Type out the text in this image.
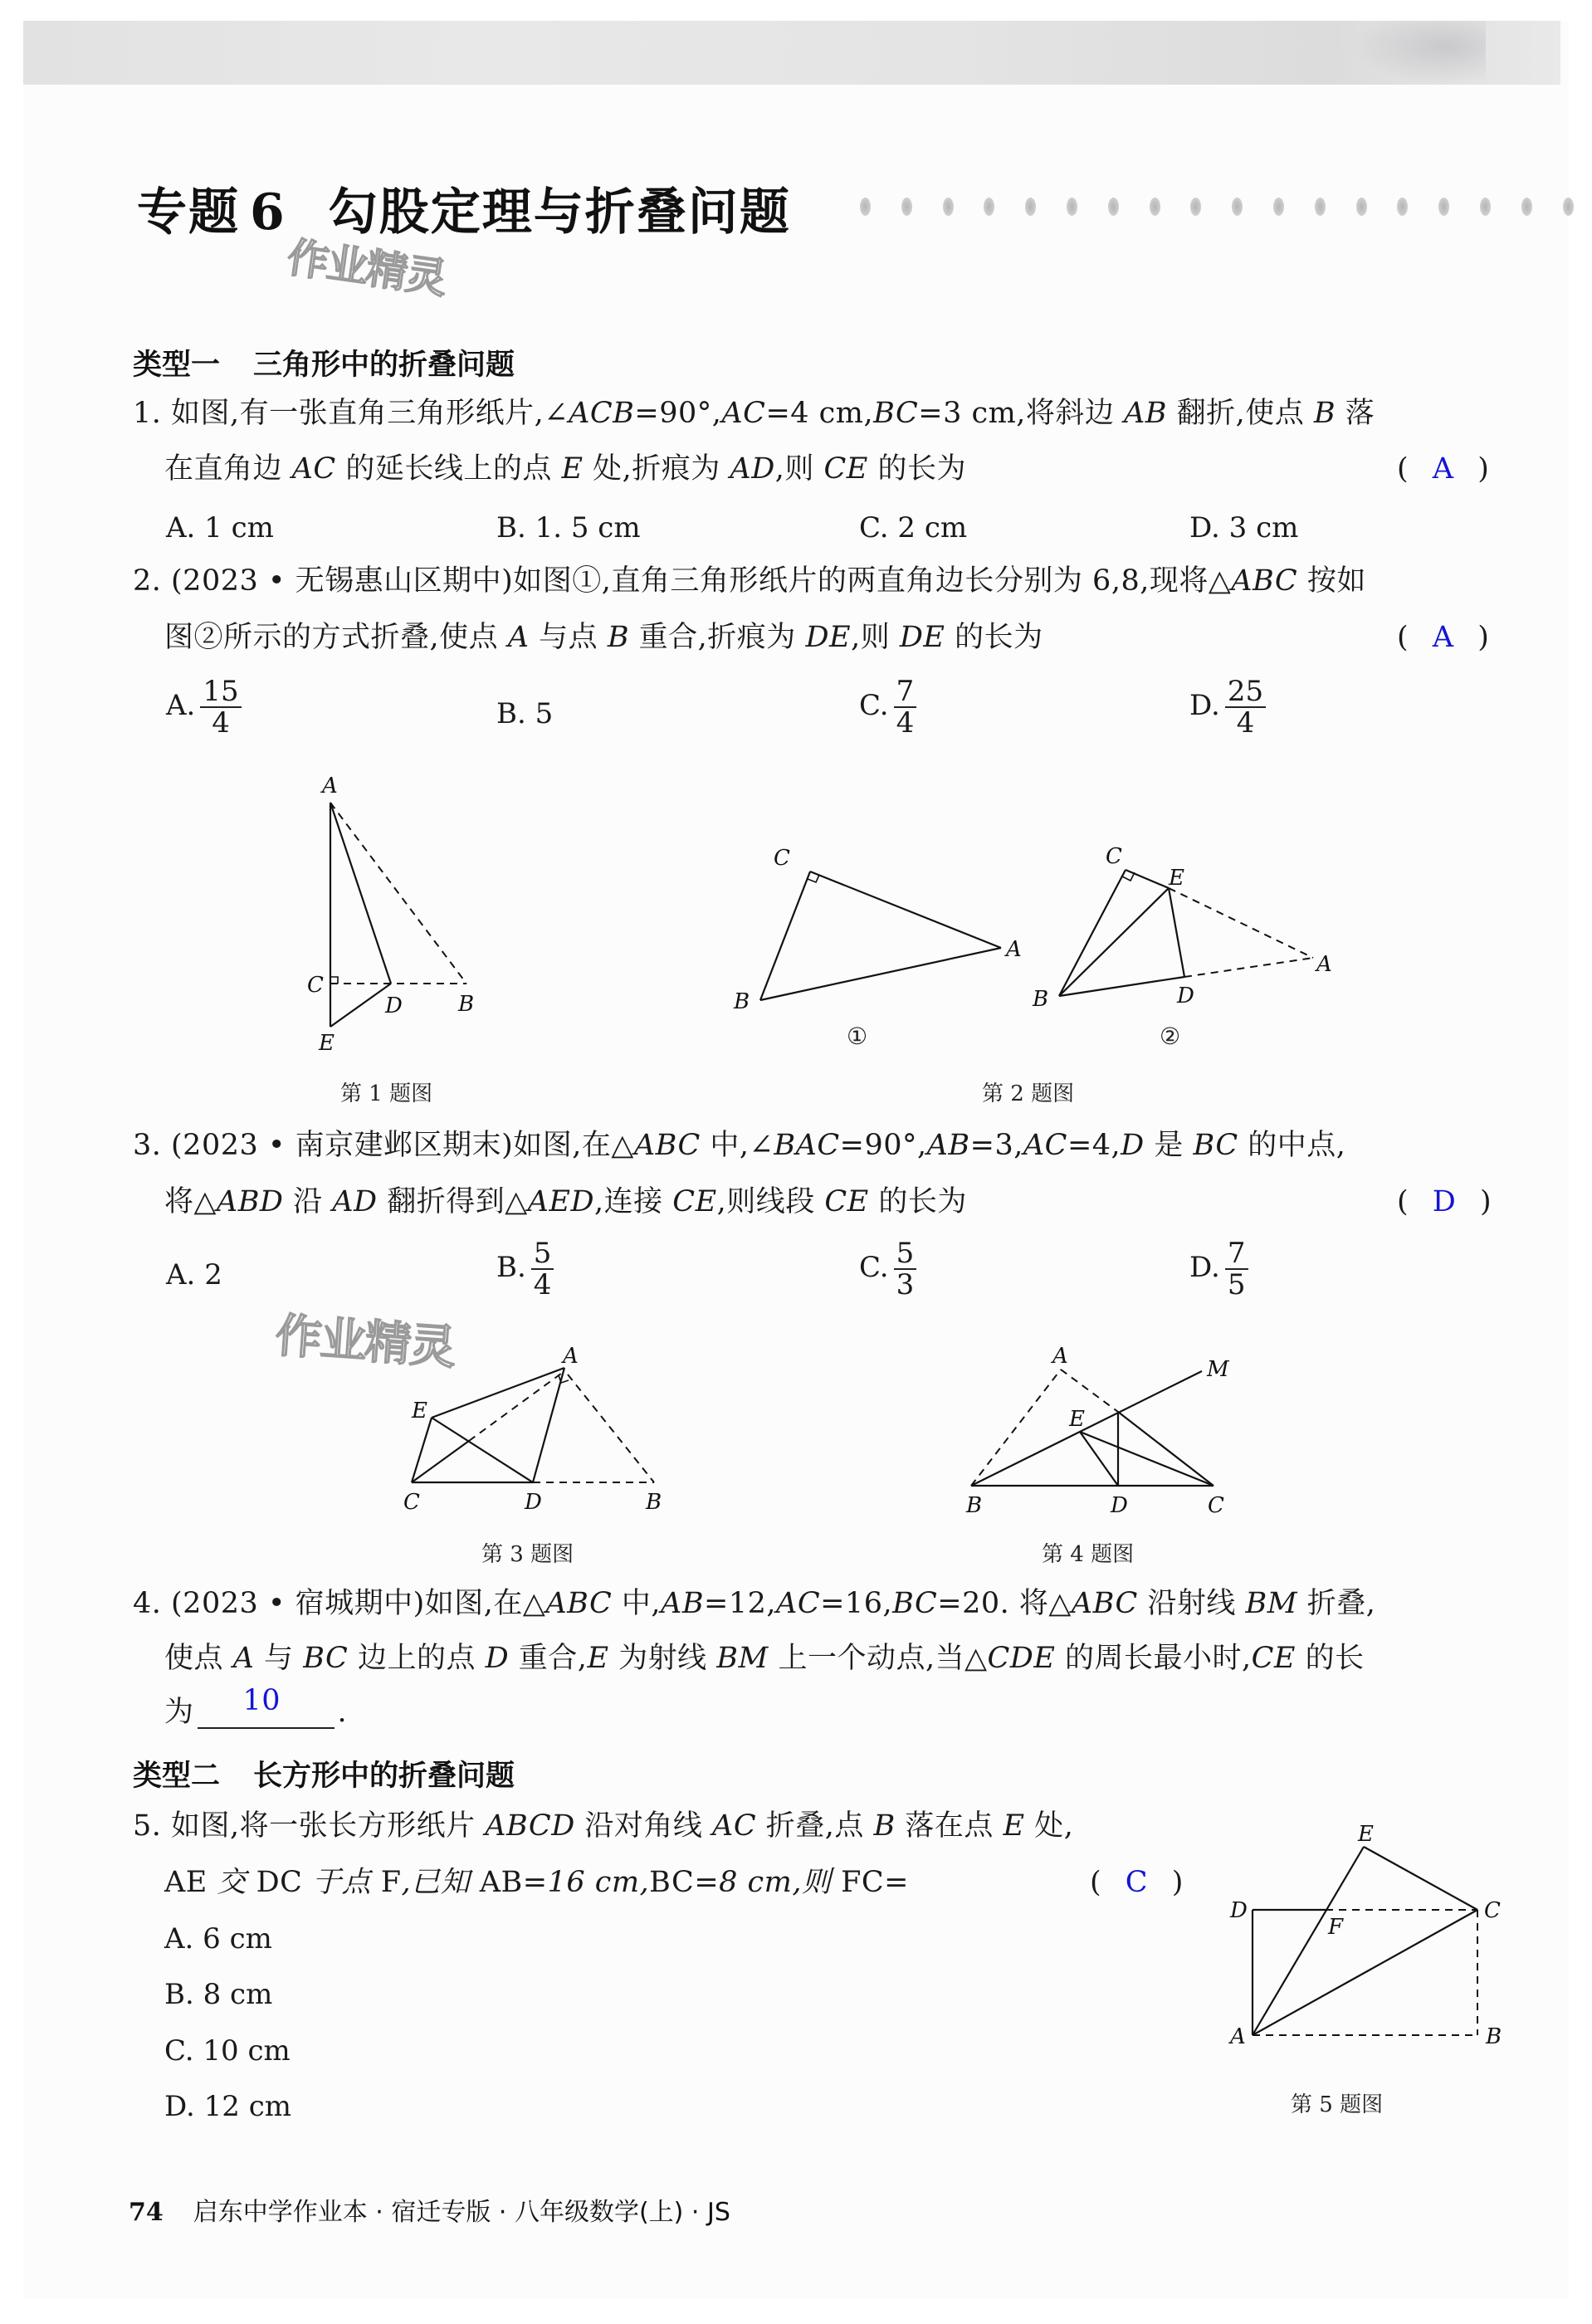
专题 6 勾股定理与折叠问题
作业精灵
作业精灵
类型一 三角形中的折叠问题
1. 如图,有一张直角三角形纸片,∠ACB=90°,AC=4 cm,BC=3 cm,将斜边 AB 翻折,使点 B 落
在直角边 AC 的延长线上的点 E 处,折痕为 AD,则 CE 的长为	( A )
A. 1 cm	B. 1. 5 cm	C. 2 cm	D. 3 cm
2. (2023 • 无锡惠山区期中)如图①,直角三角形纸片的两直角边长分别为 6,8,现将△ABC 按如
图②所示的方式折叠,使点 A 与点 B 重合,折痕为 DE,则 DE 的长为	( A )
A. $\frac{15}{4}$	B. 5	C. $\frac{7}{4}$	D. $\frac{25}{4}$
A
C
D	B
E
第 1 题图
C
A
B
C
E
A
D
B
①	②
第 2 题图
3. (2023 • 南京建邺区期末)如图,在△ABC 中,∠BAC=90°,AB=3,AC=4,D 是 BC 的中点,
将△ABD 沿 AD 翻折得到△AED,连接 CE,则线段 CE 的长为	( D )
A. 2	B. $\frac{5}{4}$	C. $\frac{5}{3}$	D. $\frac{7}{5}$
A
E
C	D	B
第 3 题图
A
M
E
B	D	C
第 4 题图
4. (2023 • 宿城期中)如图,在△ABC 中,AB=12,AC=16,BC=20. 将△ABC 沿射线 BM 折叠,
使点 A 与 BC 边上的点 D 重合,E 为射线 BM 上一个动点,当△CDE 的周长最小时,CE 的长
为 10 .
类型二 长方形中的折叠问题
5. 如图,将一张长方形纸片 ABCD 沿对角线 AC 折叠,点 B 落在点 E 处,
AE 交 DC 于点 F,已知 AB=16 cm,BC=8 cm,则 FC=	( C )
A. 6 cm
B. 8 cm
C. 10 cm
D. 12 cm
E
D
F
C
A	B
第 5 题图
74 启东中学作业本 · 宿迁专版 · 八年级数学(上) · JS
